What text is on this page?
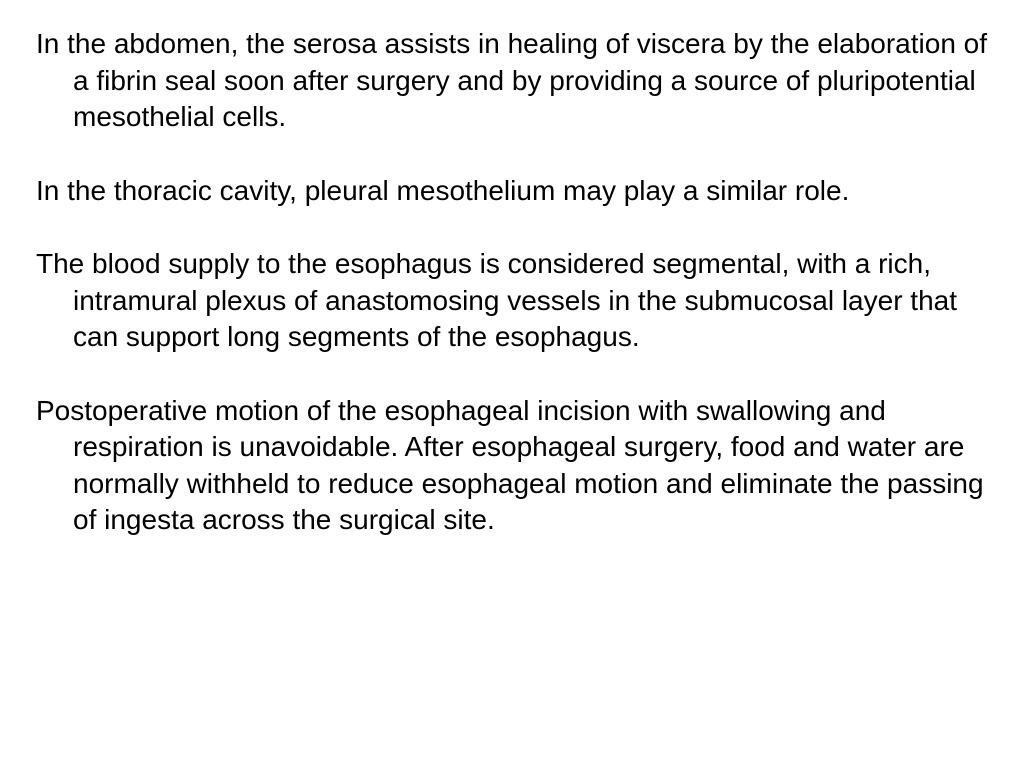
In the abdomen, the serosa assists in healing of viscera by the elaboration of a fibrin seal soon after surgery and by providing a source of pluripotential mesothelial cells.

In the thoracic cavity, pleural mesothelium may play a similar role.

The blood supply to the esophagus is considered segmental, with a rich, intramural plexus of anastomosing vessels in the submucosal layer that can support long segments of the esophagus.

Postoperative motion of the esophageal incision with swallowing and respiration is unavoidable. After esophageal surgery, food and water are normally withheld to reduce esophageal motion and eliminate the passing of ingesta across the surgical site.
